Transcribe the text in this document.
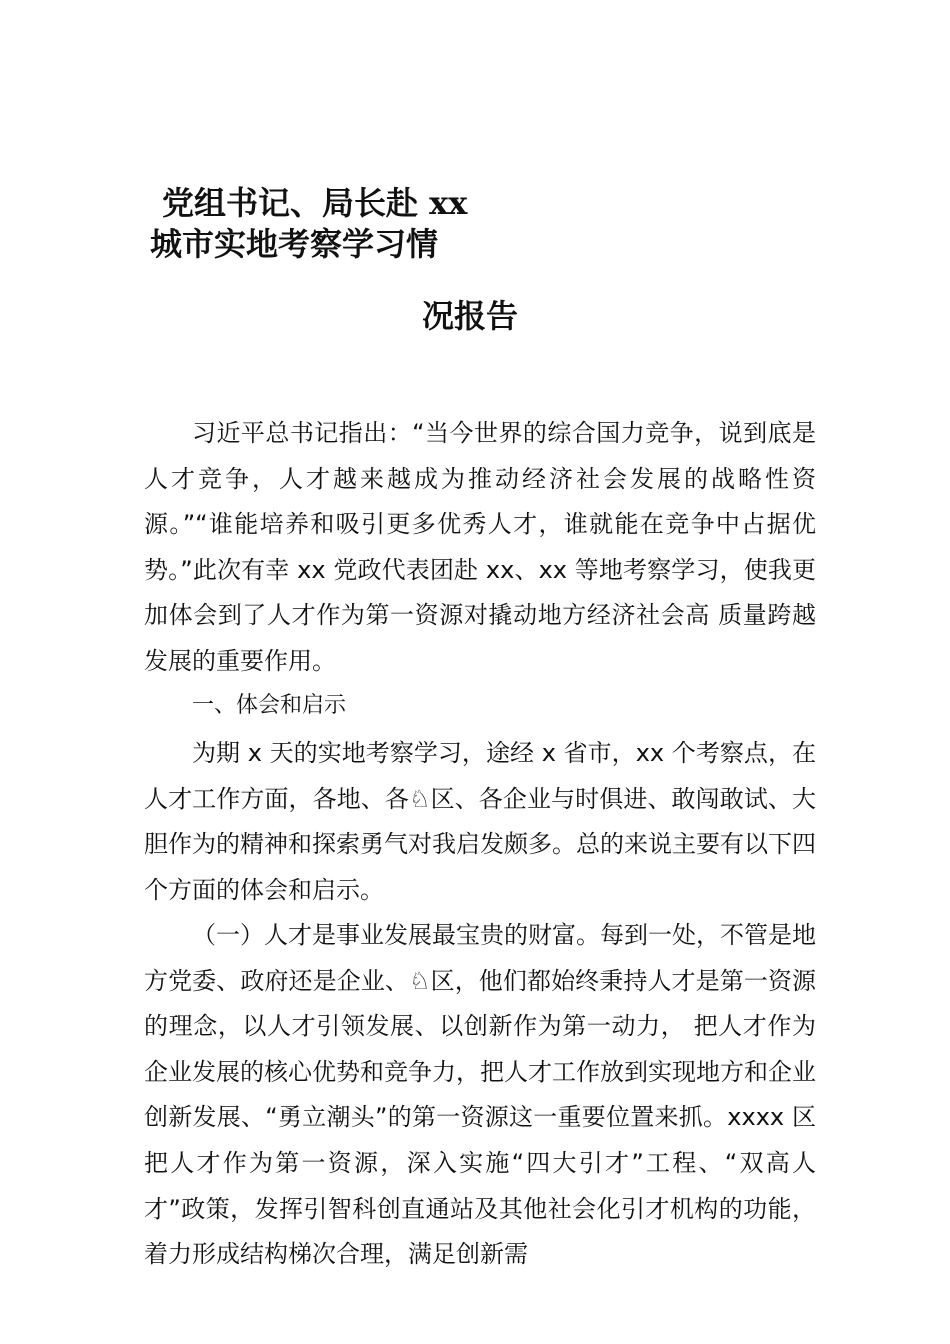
党组书记、局长赴 xx
城市实地考察学习情
况报告

习近平总书记指出：“当今世界的综合国力竞争，说到底是人才竞争，人才越来越成为推动经济社会发展的战略性资源。”“谁能培养和吸引更多优秀人才，谁就能在竞争中占据优势。”此次有幸 xx 党政代表团赴 xx、xx 等地考察学习，使我更加体会到了人才作为第一资源对撬动地方经济社会高 质量跨越发展的重要作用。

一、体会和启示

为期 x 天的实地考察学习，途经 x 省市，xx 个考察点，在人才工作方面，各地、各♘区、各企业与时俱进、敢闯敢试、大胆作为的精神和探索勇气对我启发颇多。总的来说主要有以下四个方面的体会和启示。

（一）人才是事业发展最宝贵的财富。每到一处，不管是地方党委、政府还是企业、♘区，他们都始终秉持人才是第一资源的理念，以人才引领发展、以创新作为第一动力， 把人才作为企业发展的核心优势和竞争力，把人才工作放到实现地方和企业创新发展、“勇立潮头”的第一资源这一重要位置来抓。xxxx 区把人才作为第一资源，深入实施“四大引才”工程、“双高人才”政策，发挥引智科创直通站及其他社会化引才机构的功能，着力形成结构梯次合理，满足创新需
